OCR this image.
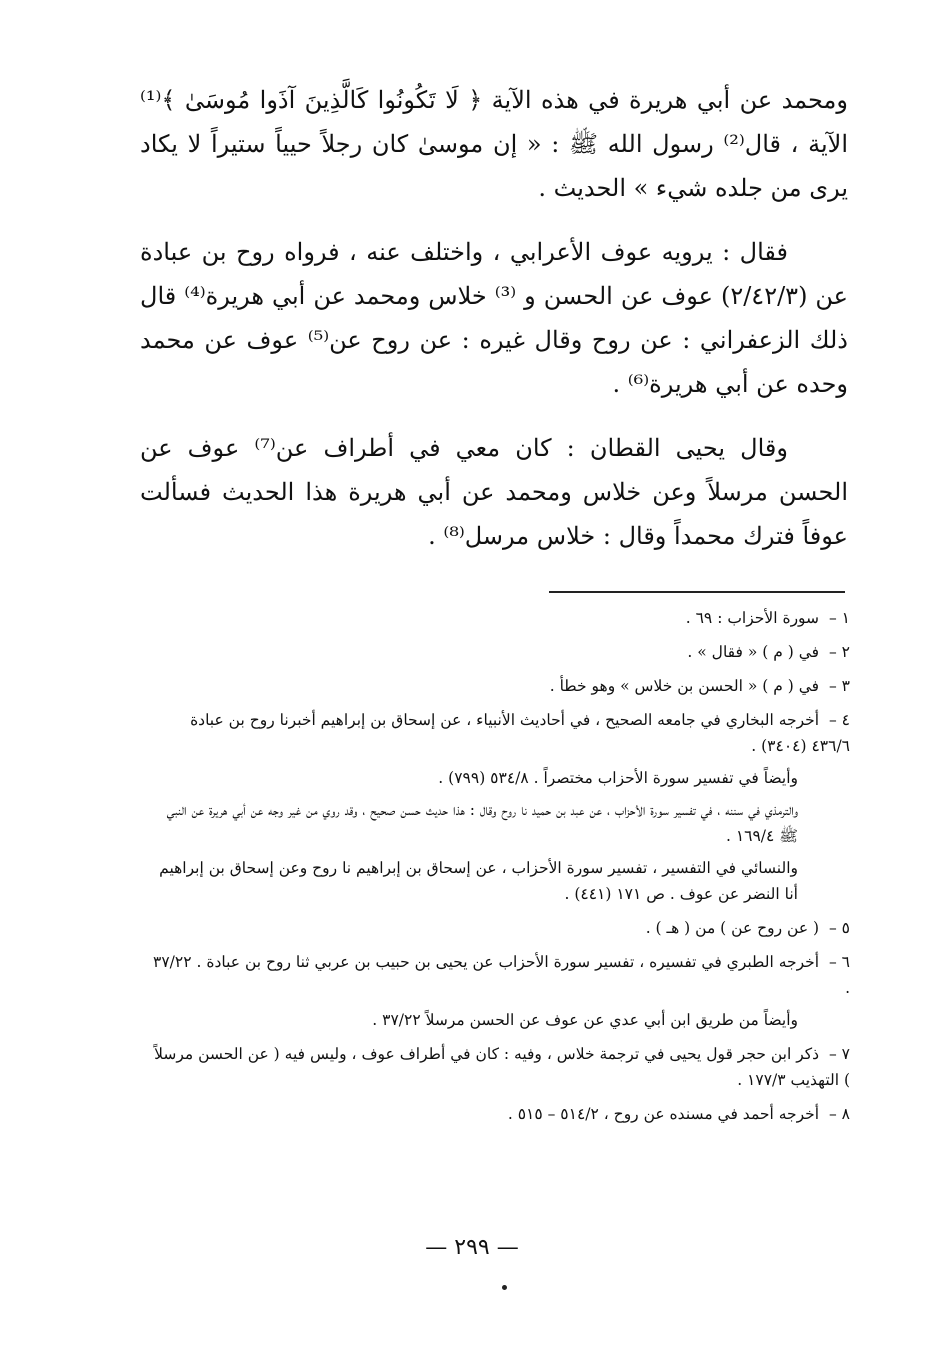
ومحمد عن أبي هريرة في هذه الآية ﴿ لَا تَكُونُوا كَالَّذِينَ آذَوا مُوسَىٰ ﴾⁽¹⁾ الآية ، قال⁽²⁾ رسول الله ﷺ : « إن موسىٰ كان رجلاً حيياً ستيراً لا يكاد يرى من جلده شيء » الحديث .

فقال : يرويه عوف الأعرابي ، واختلف عنه ، فرواه روح بن عبادة عن (٢/٤٢/٣) عوف عن الحسن و ⁽³⁾ خلاس ومحمد عن أبي هريرة⁽⁴⁾ قال ذلك الزعفراني : عن روح وقال غيره : عن روح عن⁽⁵⁾ عوف عن محمد وحده عن أبي هريرة⁽⁶⁾ .

وقال يحيى القطان : كان معي في أطراف عن⁽⁷⁾ عوف عن الحسن مرسلاً وعن خلاس ومحمد عن أبي هريرة هذا الحديث فسألت عوفاً فترك محمداً وقال : خلاس مرسل⁽⁸⁾ .

١ – سورة الأحزاب : ٦٩ .
٢ – في ( م ) « فقال » .
٣ – في ( م ) « الحسن بن خلاس » وهو خطأ .
٤ – أخرجه البخاري في جامعه الصحيح ، في أحاديث الأنبياء ، عن إسحاق بن إبراهيم أخبرنا روح بن عبادة ٤٣٦/٦ (٣٤٠٤) .

وأيضاً في تفسير سورة الأحزاب مختصراً . ٥٣٤/٨ (٧٩٩) .

والترمذي في سننه ، في تفسير سورة الأحزاب ، عن عبد بن حميد نا روح وقال : هذا حديث حسن صحيح ، وقد روي من غير وجه عن أبي هريرة عن النبي ﷺ ١٦٩/٤ .

والنسائي في التفسير ، تفسير سورة الأحزاب ، عن إسحاق بن إبراهيم نا روح وعن إسحاق بن إبراهيم أنا النضر عن عوف . ص ١٧١ (٤٤١) .

٥ – ( عن روح عن ) من ( هـ ) .
٦ – أخرجه الطبري في تفسيره ، تفسير سورة الأحزاب عن يحيى بن حبيب بن عربي ثنا روح بن عبادة . ٣٧/٢٢ .

وأيضاً من طريق ابن أبي عدي عن عوف عن الحسن مرسلاً ٣٧/٢٢ .

٧ – ذكر ابن حجر قول يحيى في ترجمة خلاس ، وفيه : كان في أطراف عوف ، وليس فيه ( عن الحسن مرسلاً ) التهذيب ١٧٧/٣ .
٨ – أخرجه أحمد في مسنده عن روح ، ٥١٤/٢ – ٥١٥ .
— ٢٩٩ —
